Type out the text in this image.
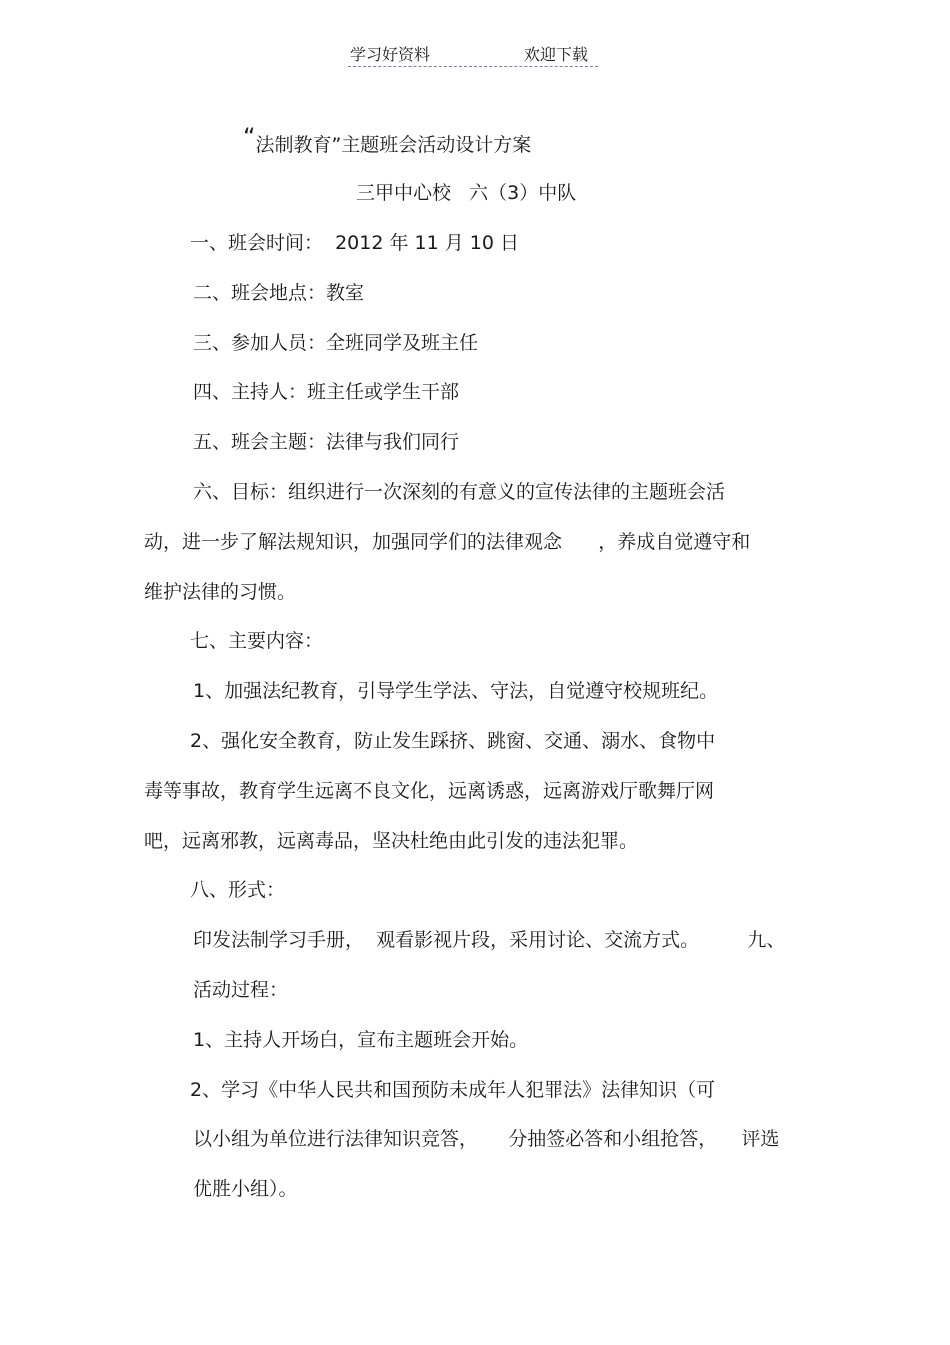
学习好资料	欢迎下载
“法制教育”主题班会活动设计方案
三甲中心校   六（3）中队
一、班会时间：  2012 年 11 月 10 日
二、班会地点：教室
三、参加人员：全班同学及班主任
四、主持人：班主任或学生干部
五、班会主题：法律与我们同行
六、目标：组织进行一次深刻的有意义的宣传法律的主题班会活
动，进一步了解法规知识，加强同学们的法律观念      ，养成自觉遵守和
维护法律的习惯。
七、主要内容：
1、加强法纪教育，引导学生学法、守法，自觉遵守校规班纪。
2、强化安全教育，防止发生踩挤、跳窗、交通、溺水、食物中
毒等事故，教育学生远离不良文化，远离诱惑，远离游戏厅歌舞厅网
吧，远离邪教，远离毒品，坚决杜绝由此引发的违法犯罪。
八、形式：
印发法制学习手册，  观看影视片段，采用讨论、交流方式。        九、
活动过程：
1、主持人开场白，宣布主题班会开始。
2、学习《中华人民共和国预防未成年人犯罪法》法律知识（可
以小组为单位进行法律知识竞答，     分抽签必答和小组抢答，    评选
优胜小组）。
